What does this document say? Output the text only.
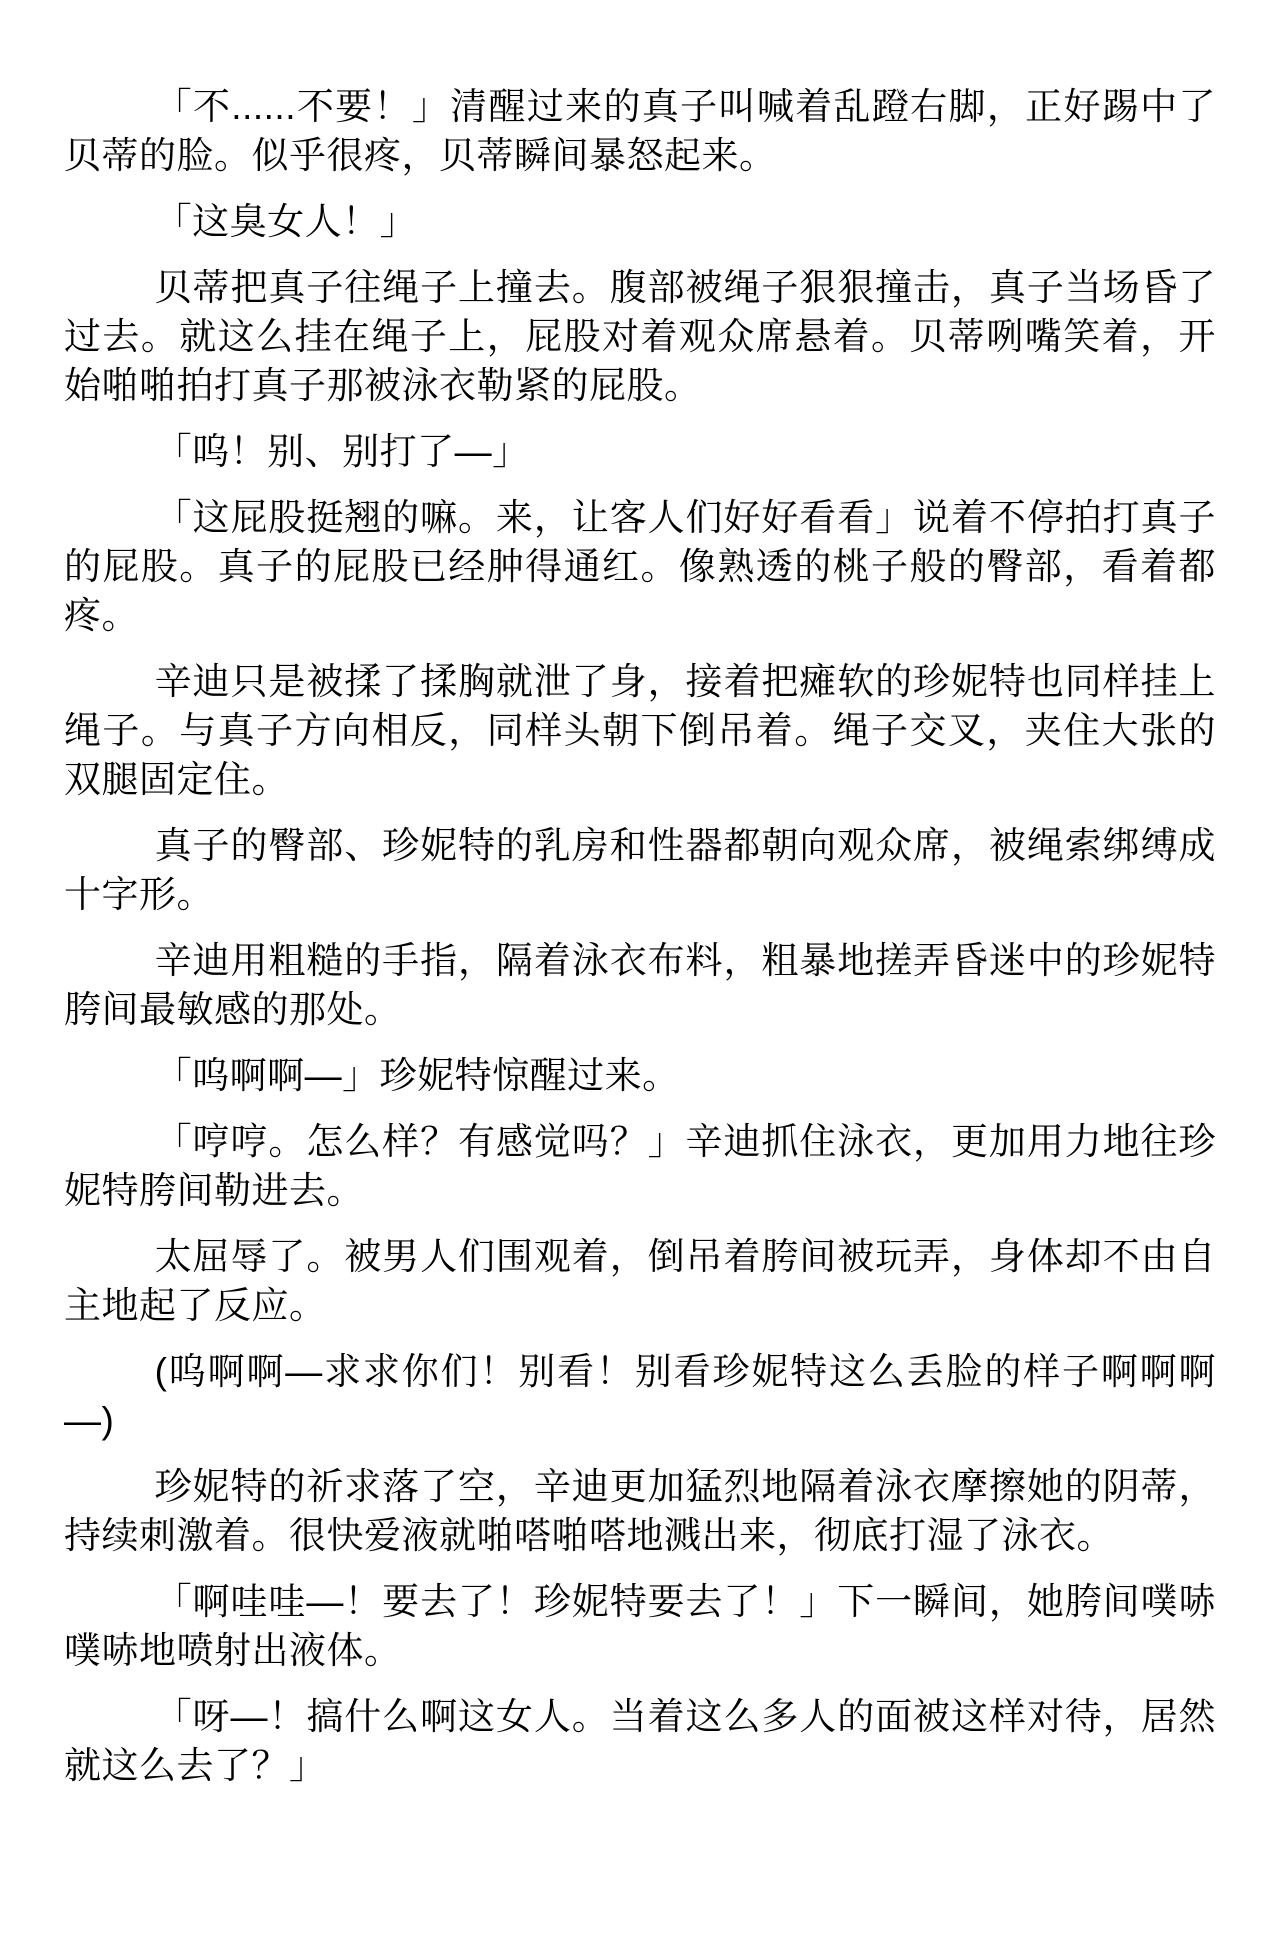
「不......不要！」清醒过来的真子叫喊着乱蹬右脚，正好踢中了贝蒂的脸。似乎很疼，贝蒂瞬间暴怒起来。

「这臭女人！」

贝蒂把真子往绳子上撞去。腹部被绳子狠狠撞击，真子当场昏了过去。就这么挂在绳子上，屁股对着观众席悬着。贝蒂咧嘴笑着，开始啪啪拍打真子那被泳衣勒紧的屁股。

「呜！别、别打了—」

「这屁股挺翘的嘛。来，让客人们好好看看」说着不停拍打真子的屁股。真子的屁股已经肿得通红。像熟透的桃子般的臀部，看着都疼。

辛迪只是被揉了揉胸就泄了身，接着把瘫软的珍妮特也同样挂上绳子。与真子方向相反，同样头朝下倒吊着。绳子交叉，夹住大张的双腿固定住。

真子的臀部、珍妮特的乳房和性器都朝向观众席，被绳索绑缚成十字形。

辛迪用粗糙的手指，隔着泳衣布料，粗暴地搓弄昏迷中的珍妮特胯间最敏感的那处。

「呜啊啊—」珍妮特惊醒过来。

「哼哼。怎么样？有感觉吗？」辛迪抓住泳衣，更加用力地往珍妮特胯间勒进去。

太屈辱了。被男人们围观着，倒吊着胯间被玩弄，身体却不由自主地起了反应。

(呜啊啊—求求你们！别看！别看珍妮特这么丢脸的样子啊啊啊—)

珍妮特的祈求落了空，辛迪更加猛烈地隔着泳衣摩擦她的阴蒂，持续刺激着。很快爱液就啪嗒啪嗒地溅出来，彻底打湿了泳衣。

「啊哇哇—！要去了！珍妮特要去了！」下一瞬间，她胯间噗哧噗哧地喷射出液体。

「呀—！搞什么啊这女人。当着这么多人的面被这样对待，居然就这么去了？」
